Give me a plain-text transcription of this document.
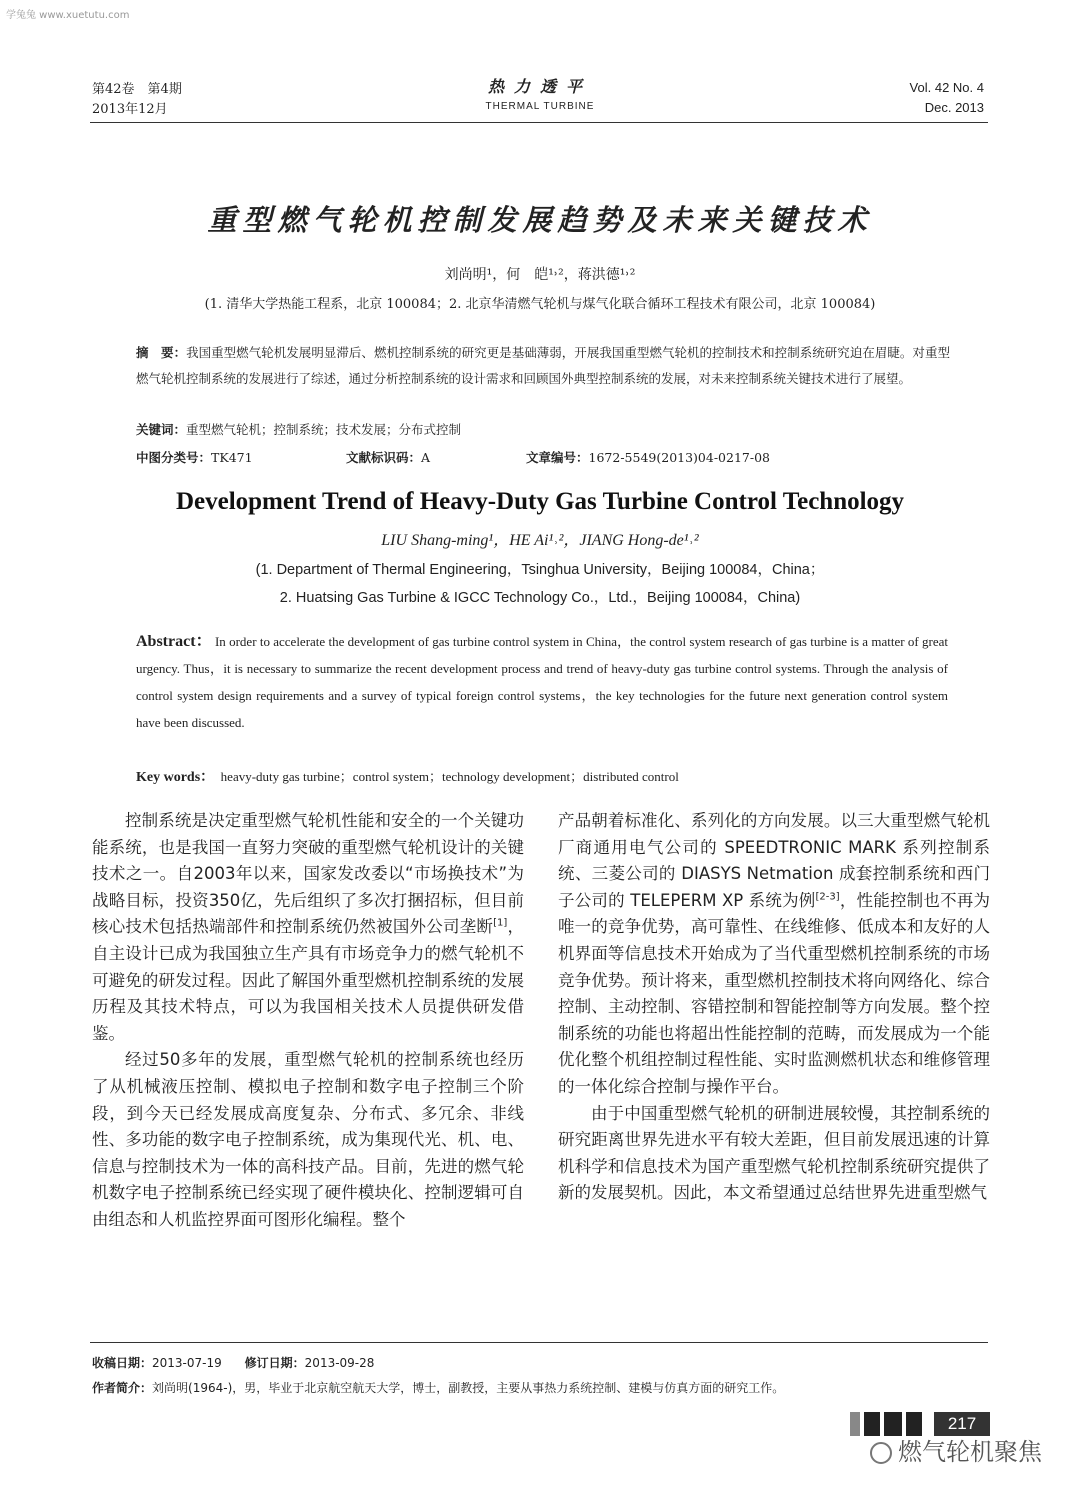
学兔兔 www.xuetutu.com
第42卷　第4期
2013年12月
热力透平
THERMAL TURBINE
Vol. 42 No. 4
Dec. 2013
重型燃气轮机控制发展趋势及未来关键技术
刘尚明¹，何　皑¹˒²，蒋洪德¹˒²
(1. 清华大学热能工程系，北京 100084；2. 北京华清燃气轮机与煤气化联合循环工程技术有限公司，北京 100084)
摘　要：我国重型燃气轮机发展明显滞后、燃机控制系统的研究更是基础薄弱，开展我国重型燃气轮机的控制技术和控制系统研究迫在眉睫。对重型燃气轮机控制系统的发展进行了综述，通过分析控制系统的设计需求和回顾国外典型控制系统的发展，对未来控制系统关键技术进行了展望。
关键词：重型燃气轮机；控制系统；技术发展；分布式控制
中图分类号：TK471	文献标识码：A	文章编号：1672-5549(2013)04-0217-08
Development Trend of Heavy-Duty Gas Turbine Control Technology
LIU Shang-ming¹，HE Ai¹˒²，JIANG Hong-de¹˒²
(1. Department of Thermal Engineering，Tsinghua University，Beijing 100084，China；
2. Huatsing Gas Turbine & IGCC Technology Co.，Ltd.，Beijing 100084，China)
Abstract： In order to accelerate the development of gas turbine control system in China，the control system research of gas turbine is a matter of great urgency. Thus，it is necessary to summarize the recent development process and trend of heavy-duty gas turbine control systems. Through the analysis of control system design requirements and a survey of typical foreign control systems，the key technologies for the future next generation control system have been discussed.
Key words： heavy-duty gas turbine；control system；technology development；distributed control

控制系统是决定重型燃气轮机性能和安全的一个关键功能系统，也是我国一直努力突破的重型燃气轮机设计的关键技术之一。自2003年以来，国家发改委以“市场换技术”为战略目标，投资350亿，先后组织了多次打捆招标，但目前核心技术包括热端部件和控制系统仍然被国外公司垄断[1]，自主设计已成为我国独立生产具有市场竞争力的燃气轮机不可避免的研发过程。因此了解国外重型燃机控制系统的发展历程及其技术特点，可以为我国相关技术人员提供研发借鉴。

经过50多年的发展，重型燃气轮机的控制系统也经历了从机械液压控制、模拟电子控制和数字电子控制三个阶段，到今天已经发展成高度复杂、分布式、多冗余、非线性、多功能的数字电子控制系统，成为集现代光、机、电、信息与控制技术为一体的高科技产品。目前，先进的燃气轮机数字电子控制系统已经实现了硬件模块化、控制逻辑可自由组态和人机监控界面可图形化编程。整个

产品朝着标准化、系列化的方向发展。以三大重型燃气轮机厂商通用电气公司的 SPEEDTRONIC MARK 系列控制系统、三菱公司的 DIASYS Netmation 成套控制系统和西门子公司的 TELEPERM XP 系统为例[2-3]，性能控制也不再为唯一的竞争优势，高可靠性、在线维修、低成本和友好的人机界面等信息技术开始成为了当代重型燃机控制系统的市场竞争优势。预计将来，重型燃机控制技术将向网络化、综合控制、主动控制、容错控制和智能控制等方向发展。整个控制系统的功能也将超出性能控制的范畴，而发展成为一个能优化整个机组控制过程性能、实时监测燃机状态和维修管理的一体化综合控制与操作平台。

由于中国重型燃气轮机的研制进展较慢，其控制系统的研究距离世界先进水平有较大差距，但目前发展迅速的计算机科学和信息技术为国产重型燃气轮机控制系统研究提供了新的发展契机。因此，本文希望通过总结世界先进重型燃气

收稿日期：2013-07-19 修订日期：2013-09-28
作者简介：刘尚明(1964-)，男，毕业于北京航空航天大学，博士，副教授，主要从事热力系统控制、建模与仿真方面的研究工作。
217
燃气轮机聚焦
